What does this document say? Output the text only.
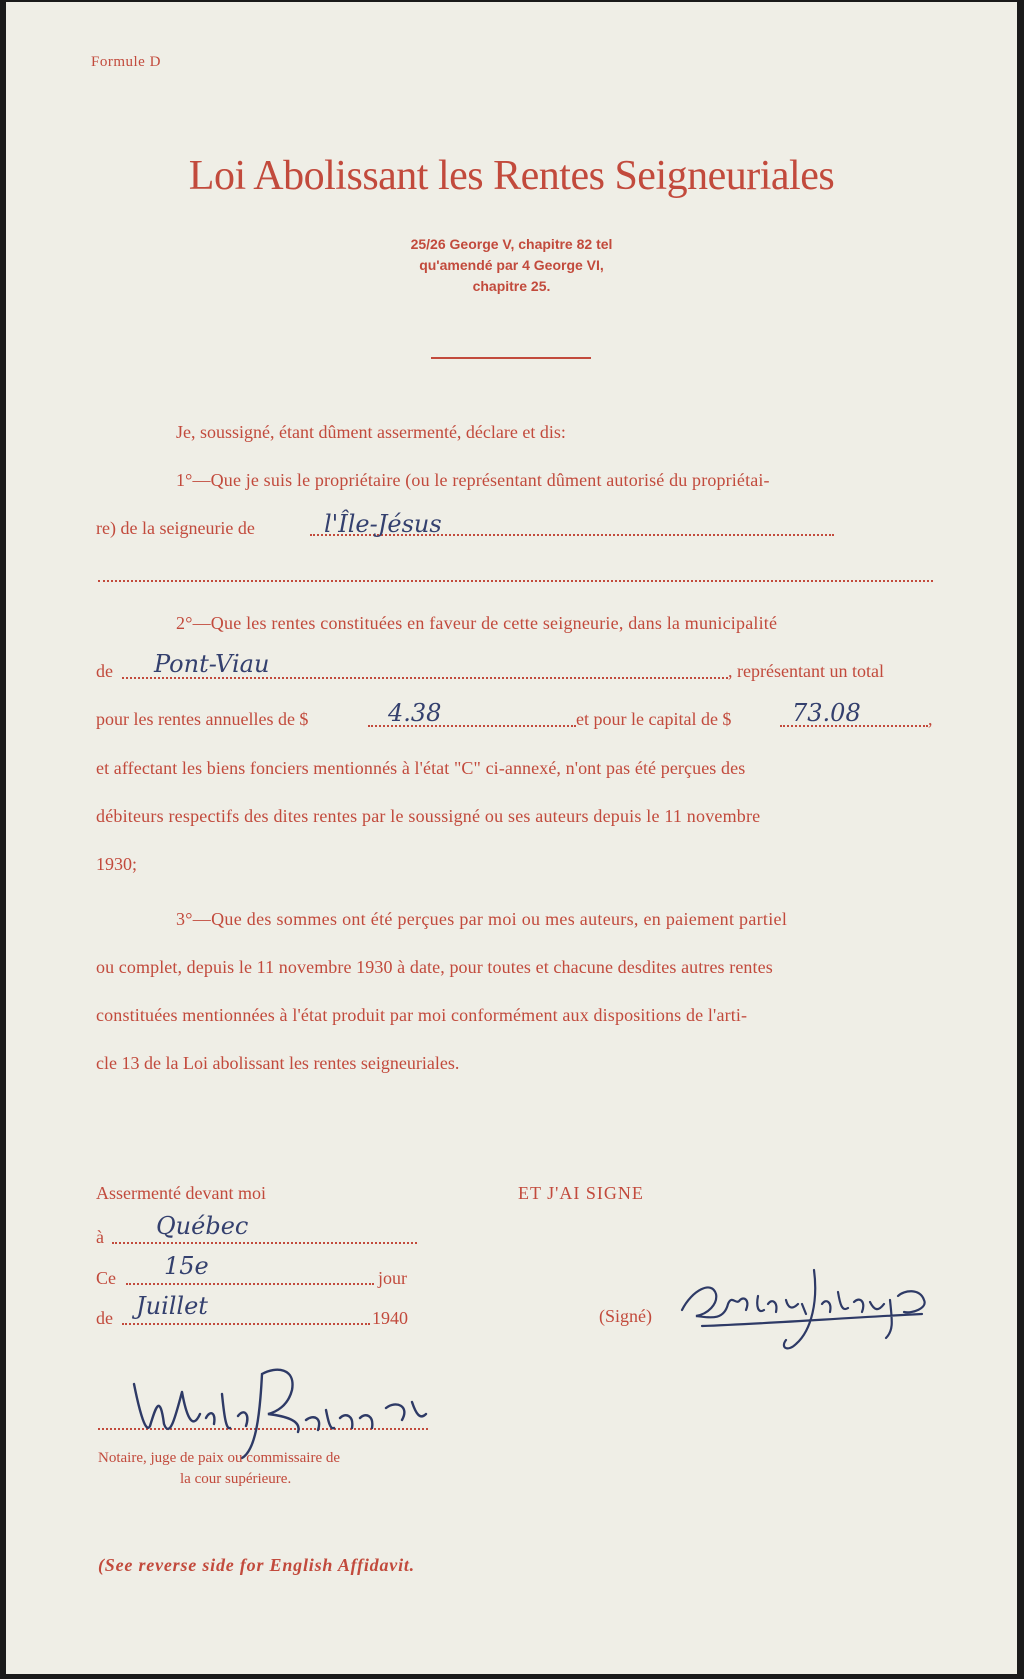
Formule D
Loi Abolissant les Rentes Seigneuriales
25/26 George V, chapitre 82 tel
qu'amendé par 4 George VI,
chapitre 25.
Je, soussigné, étant dûment assermenté, déclare et dis:
1°—Que je suis le propriétaire (ou le représentant dûment autorisé du propriétai-
re) de la seigneurie de	l'Île-Jésus
2°—Que les rentes constituées en faveur de cette seigneurie, dans la municipalité
de Pont-Viau	, représentant un total
pour les rentes annuelles de $	4.38	et pour le capital de $	73.08	,
et affectant les biens fonciers mentionnés à l'état "C" ci-annexé, n'ont pas été perçues des
débiteurs respectifs des dites rentes par le soussigné ou ses auteurs depuis le 11 novembre
1930;
3°—Que des sommes ont été perçues par moi ou mes auteurs, en paiement partiel
ou complet, depuis le 11 novembre 1930 à date, pour toutes et chacune desdites autres rentes
constituées mentionnées à l'état produit par moi conformément aux dispositions de l'arti-
cle 13 de la Loi abolissant les rentes seigneuriales.
Assermenté devant moi
à Québec
Ce 15e	jour
de Juillet	1940
Notaire, juge de paix ou commissaire de
la cour supérieure.
ET J'AI SIGNE
(Signé)
(See reverse side for English Affidavit.
